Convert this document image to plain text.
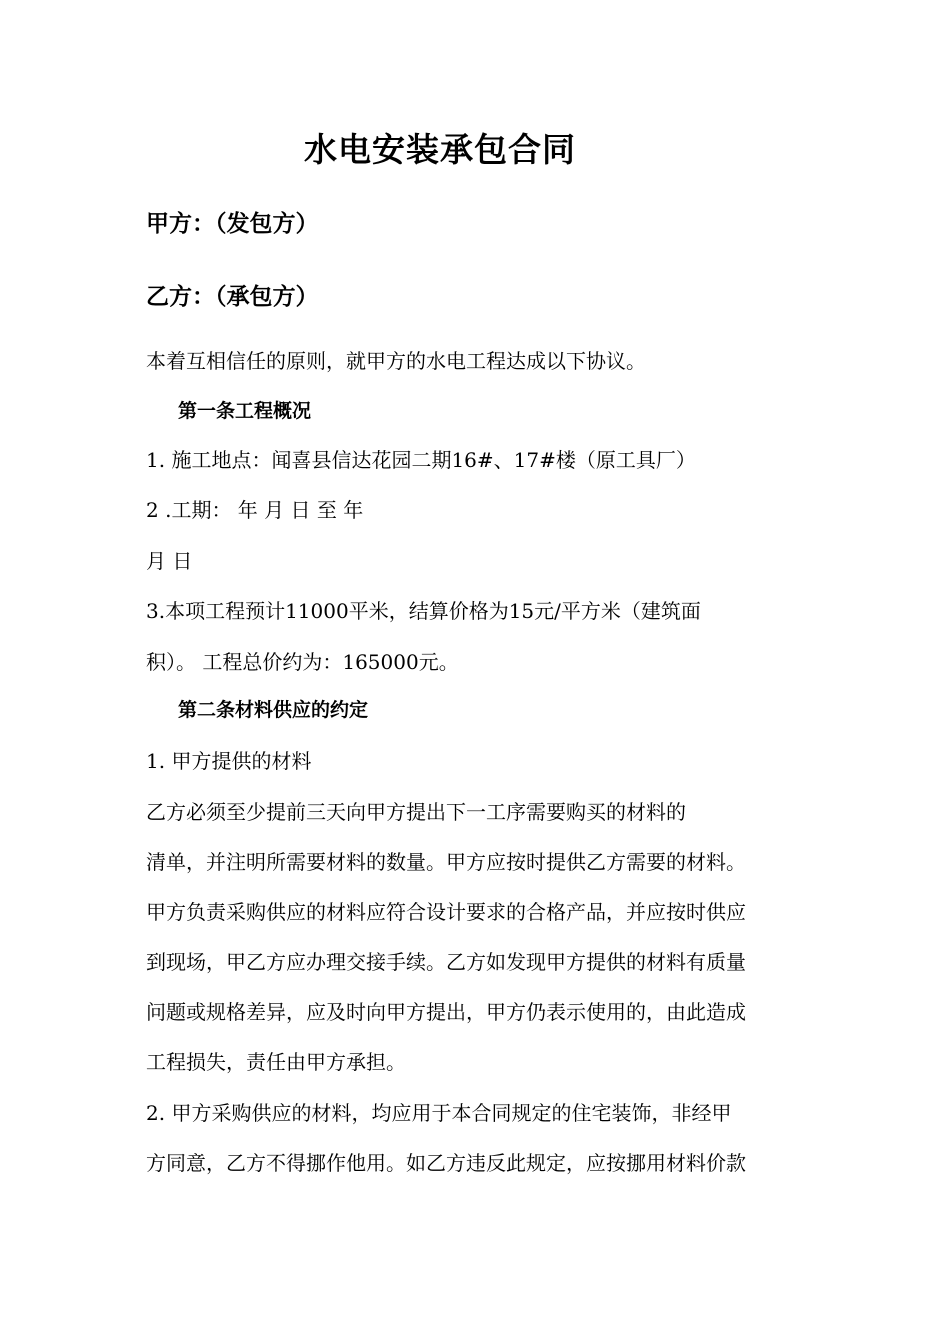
水电安装承包合同
甲方：（发包方）
乙方：（承包方）
本着互相信任的原则，就甲方的水电工程达成以下协议。
第一条工程概况
1. 施工地点：闻喜县信达花园二期16#、17#楼（原工具厂）
2 .工期： 年 月 日 至 年
月 日
3.本项工程预计11000平米，结算价格为15元/平方米（建筑面
积）。 工程总价约为：165000元。
第二条材料供应的约定
1. 甲方提供的材料
乙方必须至少提前三天向甲方提出下一工序需要购买的材料的
清单，并注明所需要材料的数量。甲方应按时提供乙方需要的材料。
甲方负责采购供应的材料应符合设计要求的合格产品，并应按时供应
到现场，甲乙方应办理交接手续。乙方如发现甲方提供的材料有质量
问题或规格差异，应及时向甲方提出，甲方仍表示使用的，由此造成
工程损失，责任由甲方承担。
2. 甲方采购供应的材料，均应用于本合同规定的住宅装饰，非经甲
方同意，乙方不得挪作他用。如乙方违反此规定，应按挪用材料价款
